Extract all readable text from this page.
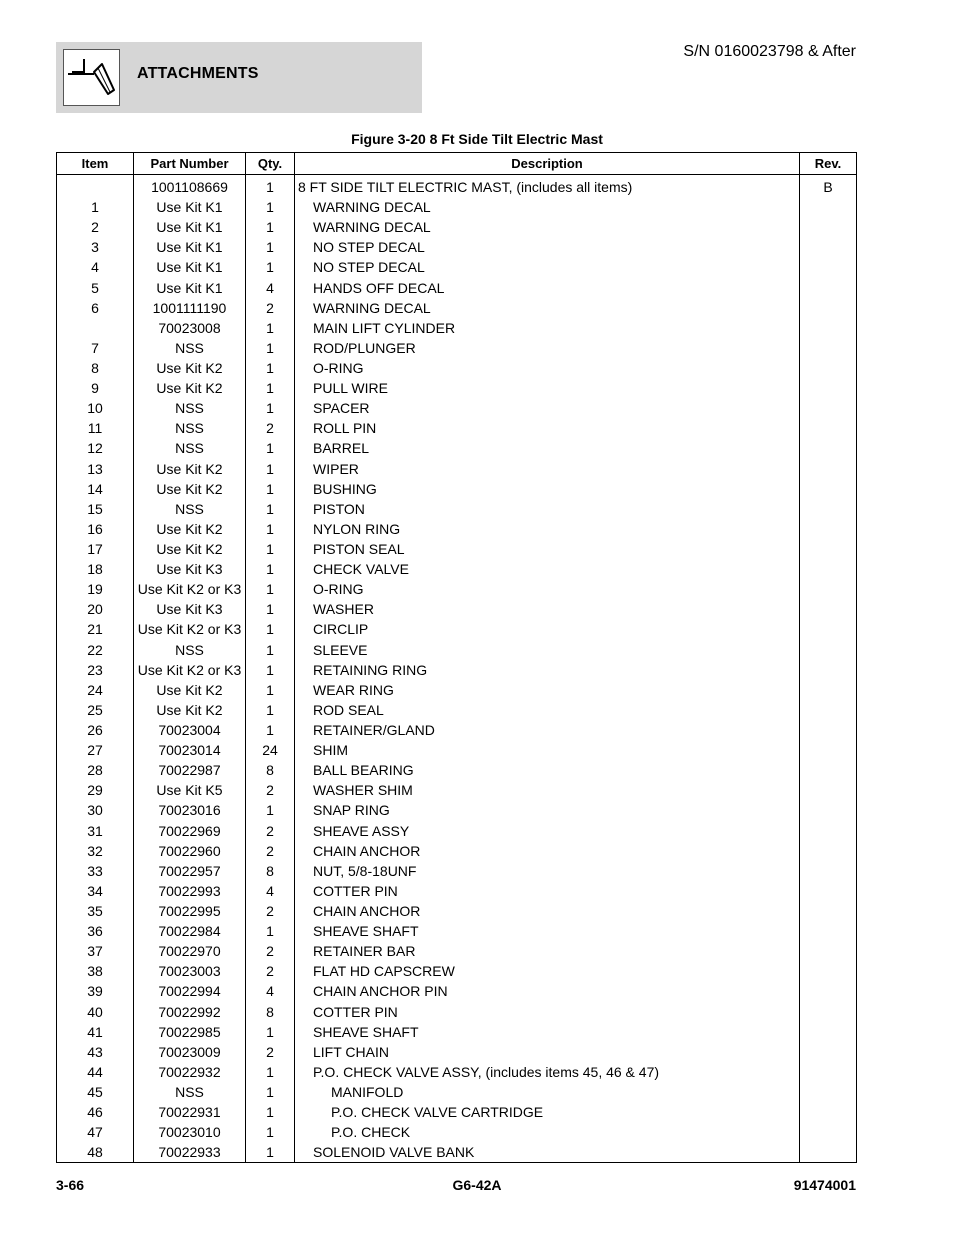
ATTACHMENTS
S/N 0160023798 & After
Figure 3-20 8 Ft Side Tilt Electric Mast
Item	Part Number	Qty.	Description	Rev.
	1001108669	1	8 FT SIDE TILT ELECTRIC MAST, (includes all items)	B
1	Use Kit K1	1	WARNING DECAL	
2	Use Kit K1	1	WARNING DECAL	
3	Use Kit K1	1	NO STEP DECAL	
4	Use Kit K1	1	NO STEP DECAL	
5	Use Kit K1	4	HANDS OFF DECAL	
6	1001111190	2	WARNING DECAL	
	70023008	1	MAIN LIFT CYLINDER	
7	NSS	1	ROD/PLUNGER	
8	Use Kit K2	1	O-RING	
9	Use Kit K2	1	PULL WIRE	
10	NSS	1	SPACER	
11	NSS	2	ROLL PIN	
12	NSS	1	BARREL	
13	Use Kit K2	1	WIPER	
14	Use Kit K2	1	BUSHING	
15	NSS	1	PISTON	
16	Use Kit K2	1	NYLON RING	
17	Use Kit K2	1	PISTON SEAL	
18	Use Kit K3	1	CHECK VALVE	
19	Use Kit K2 or K3	1	O-RING	
20	Use Kit K3	1	WASHER	
21	Use Kit K2 or K3	1	CIRCLIP	
22	NSS	1	SLEEVE	
23	Use Kit K2 or K3	1	RETAINING RING	
24	Use Kit K2	1	WEAR RING	
25	Use Kit K2	1	ROD SEAL	
26	70023004	1	RETAINER/GLAND	
27	70023014	24	SHIM	
28	70022987	8	BALL BEARING	
29	Use Kit K5	2	WASHER SHIM	
30	70023016	1	SNAP RING	
31	70022969	2	SHEAVE ASSY	
32	70022960	2	CHAIN ANCHOR	
33	70022957	8	NUT, 5/8-18UNF	
34	70022993	4	COTTER PIN	
35	70022995	2	CHAIN ANCHOR	
36	70022984	1	SHEAVE SHAFT	
37	70022970	2	RETAINER BAR	
38	70023003	2	FLAT HD CAPSCREW	
39	70022994	4	CHAIN ANCHOR PIN	
40	70022992	8	COTTER PIN	
41	70022985	1	SHEAVE SHAFT	
43	70023009	2	LIFT CHAIN	
44	70022932	1	P.O. CHECK VALVE ASSY, (includes items 45, 46 & 47)	
45	NSS	1	MANIFOLD	
46	70022931	1	P.O. CHECK VALVE CARTRIDGE	
47	70023010	1	P.O. CHECK	
48	70022933	1	SOLENOID VALVE BANK	
3-66	G6-42A	91474001
